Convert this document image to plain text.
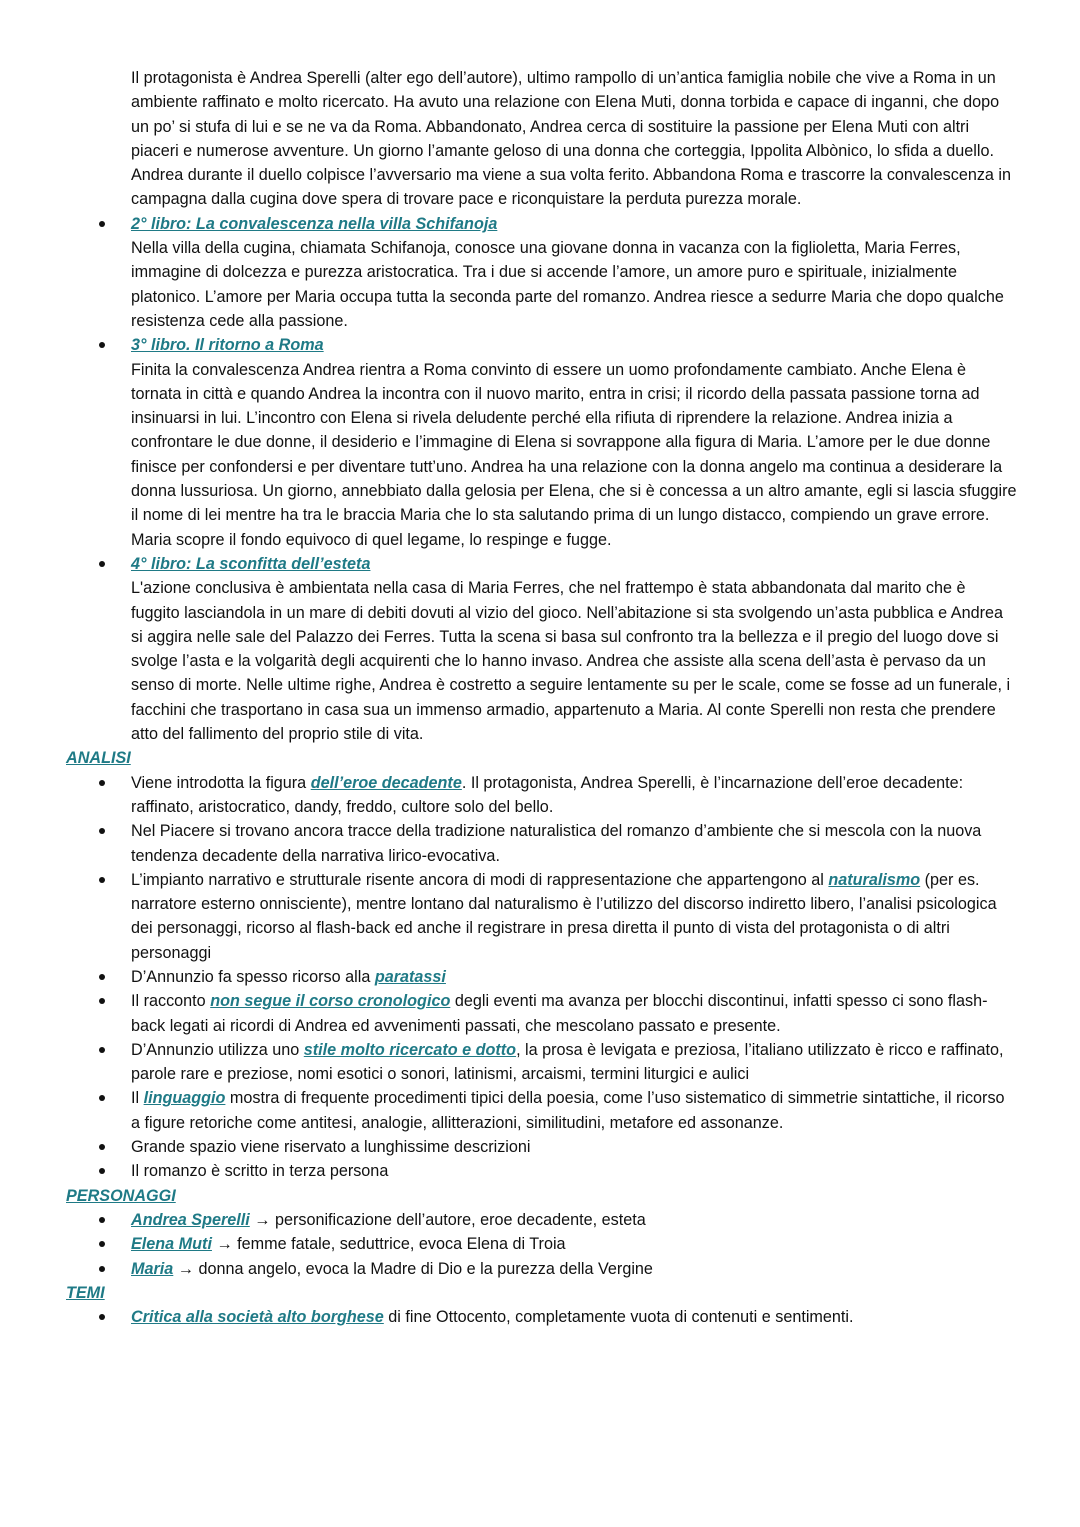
Il protagonista è Andrea Sperelli (alter ego dell’autore), ultimo rampollo di un’antica famiglia nobile che vive a Roma in un ambiente raffinato e molto ricercato. Ha avuto una relazione con Elena Muti, donna torbida e capace di inganni, che dopo un po’ si stufa di lui e se ne va da Roma. Abbandonato, Andrea cerca di sostituire la passione per Elena Muti con altri piaceri e numerose avventure. Un giorno l’amante geloso di una donna che corteggia, Ippolita Albònico, lo sfida a duello. Andrea durante il duello colpisce l’avversario ma viene a sua volta ferito. Abbandona Roma e trascorre la convalescenza in campagna dalla cugina dove spera di trovare pace e riconquistare la perduta purezza morale.

2° libro: La convalescenza nella villa Schifanoja
Nella villa della cugina, chiamata Schifanoja, conosce una giovane donna in vacanza con la figlioletta, Maria Ferres, immagine di dolcezza e purezza aristocratica. Tra i due si accende l’amore, un amore puro e spirituale, inizialmente platonico. L’amore per Maria occupa tutta la seconda parte del romanzo. Andrea riesce a sedurre Maria che dopo qualche resistenza cede alla passione.
3° libro. Il ritorno a Roma
Finita la convalescenza Andrea rientra a Roma convinto di essere un uomo profondamente cambiato. Anche Elena è tornata in città e quando Andrea la incontra con il nuovo marito, entra in crisi; il ricordo della passata passione torna ad insinuarsi in lui. L’incontro con Elena si rivela deludente perché ella rifiuta di riprendere la relazione. Andrea inizia a confrontare le due donne, il desiderio e l’immagine di Elena si sovrappone alla figura di Maria. L’amore per le due donne finisce per confondersi e per diventare tutt’uno. Andrea ha una relazione con la donna angelo ma continua a desiderare la donna lussuriosa. Un giorno, annebbiato dalla gelosia per Elena, che si è concessa a un altro amante, egli si lascia sfuggire il nome di lei mentre ha tra le braccia Maria che lo sta salutando prima di un lungo distacco, compiendo un grave errore. Maria scopre il fondo equivoco di quel legame, lo respinge e fugge.
4° libro: La sconfitta dell’esteta
L'azione conclusiva è ambientata nella casa di Maria Ferres, che nel frattempo è stata abbandonata dal marito che è fuggito lasciandola in un mare di debiti dovuti al vizio del gioco. Nell’abitazione si sta svolgendo un’asta pubblica e Andrea si aggira nelle sale del Palazzo dei Ferres. Tutta la scena si basa sul confronto tra la bellezza e il pregio del luogo dove si svolge l’asta e la volgarità degli acquirenti che lo hanno invaso. Andrea che assiste alla scena dell’asta è pervaso da un senso di morte. Nelle ultime righe, Andrea è costretto a seguire lentamente su per le scale, come se fosse ad un funerale, i facchini che trasportano in casa sua un immenso armadio, appartenuto a Maria. Al conte Sperelli non resta che prendere atto del fallimento del proprio stile di vita.
ANALISI
Viene introdotta la figura dell’eroe decadente. Il protagonista, Andrea Sperelli, è l’incarnazione dell’eroe decadente: raffinato, aristocratico, dandy, freddo, cultore solo del bello.
Nel Piacere si trovano ancora tracce della tradizione naturalistica del romanzo d’ambiente che si mescola con la nuova tendenza decadente della narrativa lirico-evocativa.
L’impianto narrativo e strutturale risente ancora di modi di rappresentazione che appartengono al naturalismo (per es. narratore esterno onnisciente), mentre lontano dal naturalismo è l’utilizzo del discorso indiretto libero, l’analisi psicologica dei personaggi, ricorso al flash-back ed anche il registrare in presa diretta il punto di vista del protagonista o di altri personaggi
D’Annunzio fa spesso ricorso alla paratassi
Il racconto non segue il corso cronologico degli eventi ma avanza per blocchi discontinui, infatti spesso ci sono flash-back legati ai ricordi di Andrea ed avvenimenti passati, che mescolano passato e presente.
D’Annunzio utilizza uno stile molto ricercato e dotto, la prosa è levigata e preziosa, l’italiano utilizzato è ricco e raffinato, parole rare e preziose, nomi esotici o sonori, latinismi, arcaismi, termini liturgici e aulici
Il linguaggio mostra di frequente procedimenti tipici della poesia, come l’uso sistematico di simmetrie sintattiche, il ricorso a figure retoriche come antitesi, analogie, allitterazioni, similitudini, metafore ed assonanze.
Grande spazio viene riservato a lunghissime descrizioni
Il romanzo è scritto in terza persona
PERSONAGGI
Andrea Sperelli → personificazione dell’autore, eroe decadente, esteta
Elena Muti → femme fatale, seduttrice, evoca Elena di Troia
Maria → donna angelo, evoca la Madre di Dio e la purezza della Vergine
TEMI
Critica alla società alto borghese di fine Ottocento, completamente vuota di contenuti e sentimenti.
